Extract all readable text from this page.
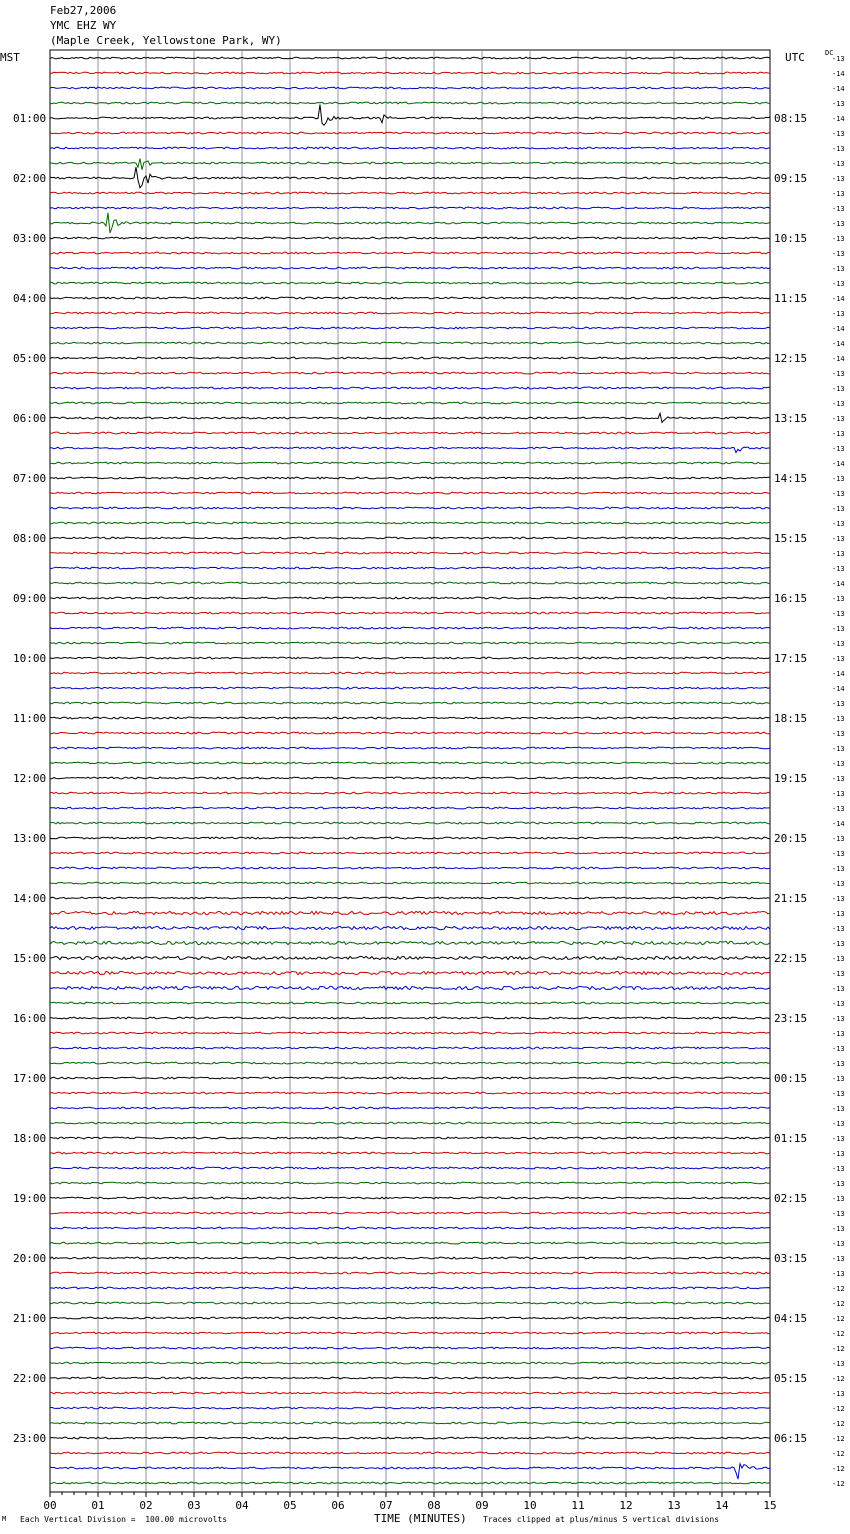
Feb27,2006
YMC EHZ WY
(Maple Creek, Yellowstone Park, WY)
MST	UTC	DC
01:00	08:15
02:00	09:15
03:00	10:15
04:00	11:15
05:00	12:15
06:00	13:15
07:00	14:15
08:00	15:15
09:00	16:15
10:00	17:15
11:00	18:15
12:00	19:15
13:00	20:15
14:00	21:15
15:00	22:15
16:00	23:15
17:00	00:15
18:00	01:15
19:00	02:15
20:00	03:15
21:00	04:15
22:00	05:15
23:00	06:15
-13
-14
-14
-13
-14
-13
-13
-13
-13
-13
-13
-13
-13
-13
-13
-13
-14
-13
-14
-14
-14
-13
-13
-13
-13
-13
-13
-14
-13
-13
-13
-13
-13
-13
-13
-14
-13
-13
-13
-13
-13
-14
-14
-13
-13
-13
-13
-13
-13
-13
-13
-14
-13
-13
-13
-13
-13
-13
-13
-13
-13
-13
-13
-13
-13
-13
-13
-13
-13
-13
-13
-13
-13
-13
-13
-13
-13
-13
-13
-13
-13
-13
-12
-12
-12
-12
-12
-13
-12
-13
-12
-12
-12
-12
-12
-12
00	01	02	03	04	05	06	07	08	09	10	11	12	13	14	15
TIME (MINUTES)
M Each Vertical Division =  100.00 microvolts	Traces clipped at plus/minus 5 vertical divisions
